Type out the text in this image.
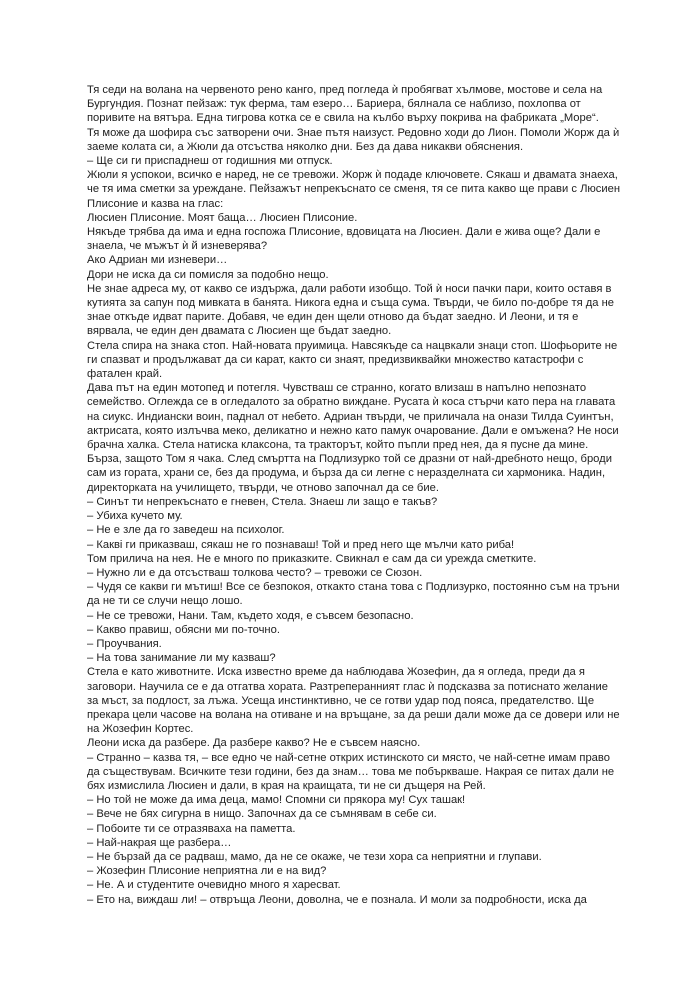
Тя седи на волана на червеното рено канго, пред погледа ѝ пробягват хълмове, мостове и села на Бургундия. Познат пейзаж: тук ферма, там езеро… Бариера, бялнала се наблизо, похлопва от поривите на вятъра. Една тигрова котка се е свила на кълбо върху покрива на фабриката „Море“.

Тя може да шофира със затворени очи. Знае пътя наизуст. Редовно ходи до Лион. Помоли Жорж да ѝ заеме колата си, а Жюли да отсъства няколко дни. Без да дава никакви обяснения.

– Ще си ги приспаднеш от годишния ми отпуск.

Жюли я успокои, всичко е наред, не се тревожи. Жорж ѝ подаде ключовете. Сякаш и двамата знаеха, че тя има сметки за уреждане. Пейзажът непрекъснато се сменя, тя се пита какво ще прави с Люсиен Плисоние и казва на глас:

Люсиен Плисоние. Моят баща… Люсиен Плисоние.

Някъде трябва да има и една госпожа Плисоние, вдовицата на Люсиен. Дали е жива още? Дали е знаела, че мъжът ѝ й изневерява?

Ако Адриан ми изневери…

Дори не иска да си помисля за подобно нещо.

Не знае адреса му, от какво се издържа, дали работи изобщо. Той ѝ носи пачки пари, които оставя в кутията за сапун под мивката в банята. Никога една и съща сума. Твърди, че било по-добре тя да не знае откъде идват парите. Добавя, че един ден щели отново да бъдат заедно. И Леони, и тя е вярвала, че един ден двамата с Люсиен ще бъдат заедно.

Стела спира на знака стоп. Най-новата пруимица. Навсякъде са нацвкали знаци стоп. Шофьорите не ги спазват и продължават да си карат, както си знаят, предизвиквайки множество катастрофи с фатален край.

Дава път на един мотопед и потегля. Чувстваш се странно, когато влизаш в напълно непознато семейство. Оглежда се в огледалото за обратно виждане. Русата ѝ коса стърчи като пера на главата на сиукс. Индиански воин, паднал от небето. Адриан твърди, че приличала на онази Тилда Суинтън, актрисата, която излъчва меко, деликатно и нежно като памук очарование. Дали е омъжена? Не носи брачна халка. Стела натиска клаксона, та тракторът, който пъпли пред нея, да я пусне да мине. Бърза, защото Том я чака. След смъртта на Подлизурко той се дразни от най-дребното нещо, броди сам из гората, храни се, без да продума, и бърза да си легне с неразделната си хармоника. Надин, директорката на училището, твърди, че отново започнал да се бие.

– Синът ти непрекъснато е гневен, Стела. Знаеш ли защо е такъв?

– Убиха кучето му.

– Не е зле да го заведеш на психолог.

– Каквi ги приказваш, сякаш не го познаваш! Той и пред него ще мълчи като риба!

Том прилича на нея. Не е много по приказките. Свикнал е сам да си урежда сметките.

– Нужно ли е да отсъстваш толкова често? – тревожи се Сюзон.

– Чудя се какви ги мътиш! Все се безпокоя, откакто стана това с Подлизурко, постоянно съм на тръни да не ти се случи нещо лошо.

– Не се тревожи, Нани. Там, където ходя, е съвсем безопасно.

– Какво правиш, обясни ми по-точно.

– Проучвания.

– На това занимание ли му казваш?

Стела е като животните. Иска известно време да наблюдава Жозефин, да я огледа, преди да я заговори. Научила се е да отгатва хората. Разтреперанният глас ѝ подсказва за потиснато желание за мъст, за подлост, за лъжа. Усеща инстинктивно, че се готви удар под пояса, предателство. Ще прекара цели часове на волана на отиване и на връщане, за да реши дали може да се довери или не на Жозефин Кортес.

Леони иска да разбере. Да разбере какво? Не е съвсем наясно.

– Странно – казва тя, – все едно че най-сетне открих истинското си място, че най-сетне имам право да съществувам. Всичките тези години, без да знам… това ме побъркваше. Накрая се питах дали не бях измислила Люсиен и дали, в края на краищата, ти не си дъщеря на Рей.

– Но той не може да има деца, мамо! Спомни си прякора му! Сух ташак!

– Вече не бях сигурна в нищо. Започнах да се съмнявам в себе си.

– Побоите ти се отразяваха на паметта.

– Най-накрая ще разбера…

– Не бързай да се радваш, мамо, да не се окаже, че тези хора са неприятни и глупави.

– Жозефин Плисоние неприятна ли е на вид?

– Не. А и студентите очевидно много я харесват.

– Ето на, виждаш ли! – отвръща Леони, доволна, че е познала. И моли за подробности, иска да
